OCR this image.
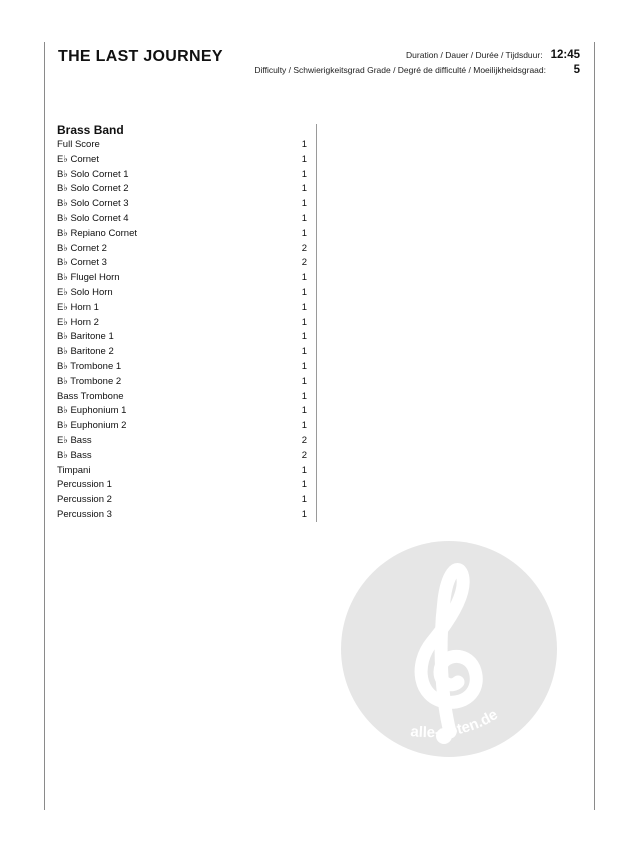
THE LAST JOURNEY	Duration / Dauer / Durée / Tijdsduur: 12:45
Difficulty / Schwierigkeitsgrad Grade / Degré de difficulté / Moeilijkheidsgraad:	5
Brass Band
Full Score	1
E♭ Cornet	1
B♭ Solo Cornet 1	1
B♭ Solo Cornet 2	1
B♭ Solo Cornet 3	1
B♭ Solo Cornet 4	1
B♭ Repiano Cornet	1
B♭ Cornet 2	2
B♭ Cornet 3	2
B♭ Flugel Horn	1
E♭ Solo Horn	1
E♭ Horn 1	1
E♭ Horn 2	1
B♭ Baritone 1	1
B♭ Baritone 2	1
B♭ Trombone 1	1
B♭ Trombone 2	1
Bass Trombone	1
B♭ Euphonium 1	1
B♭ Euphonium 2	1
E♭ Bass	2
B♭ Bass	2
Timpani	1
Percussion 1	1
Percussion 2	1
Percussion 3	1
alle-noten.de
